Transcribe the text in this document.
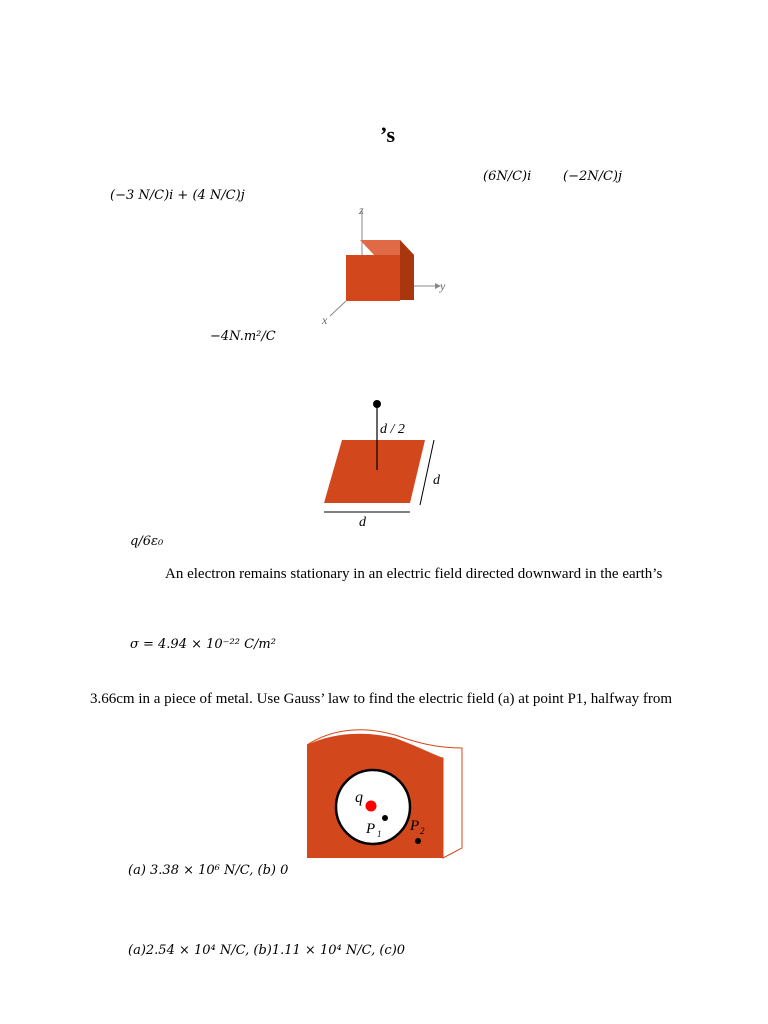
’s
(6N/C)i (−2N/C)j
(−3 N/C)i + (4 N/C)j
z
y
x
−4N.m²/C
d / 2
d
d
q/6ε₀
An electron remains stationary in an electric field directed downward in the earth’s
σ = 4.94 × 10⁻²² C/m²
3.66cm in a piece of metal. Use Gauss’ law to find the electric field (a) at point P1, halfway from
q
P 1 P 2
(a) 3.38 × 10⁶ N/C, (b) 0
(a)2.54 × 10⁴ N/C, (b)1.11 × 10⁴ N/C, (c)0
